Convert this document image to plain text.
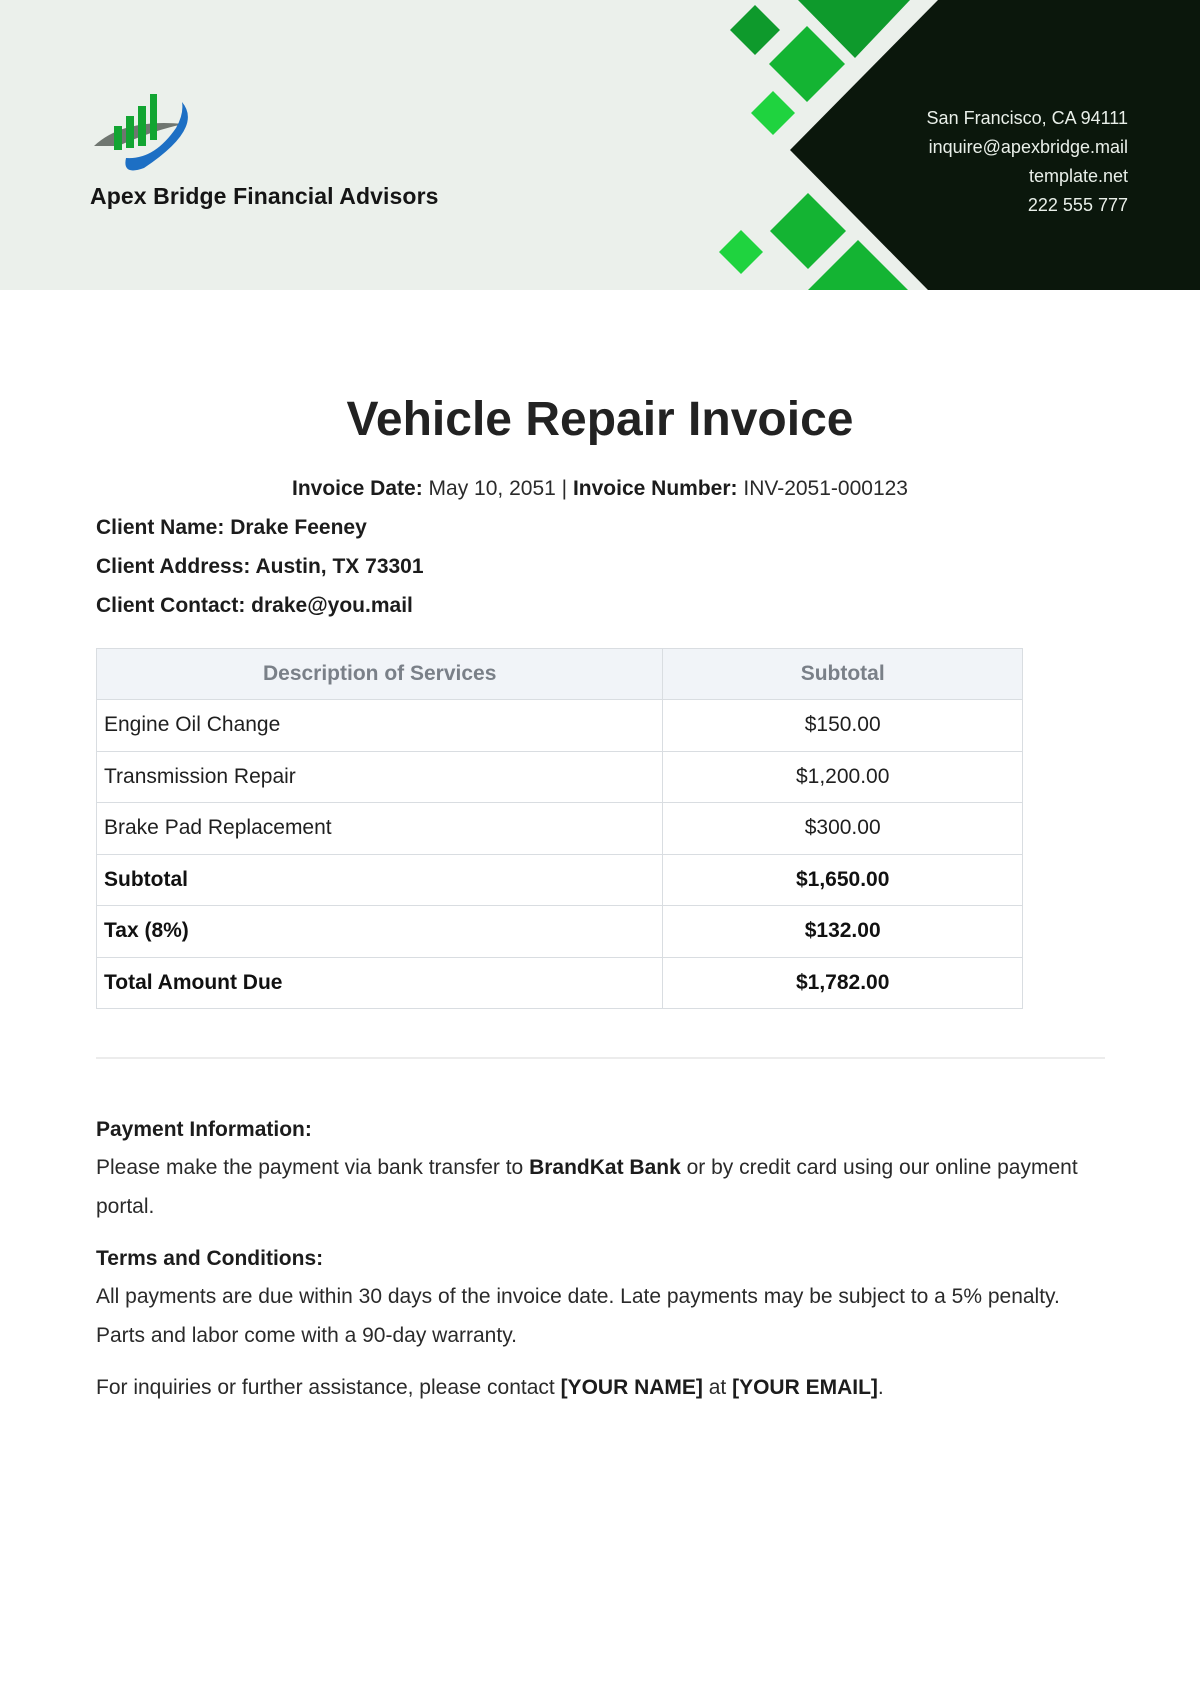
Apex Bridge Financial Advisors
San Francisco, CA 94111
inquire@apexbridge.mail
template.net
222 555 777
Vehicle Repair Invoice
Invoice Date: May 10, 2051 | Invoice Number: INV-2051-000123
Client Name: Drake Feeney
Client Address: Austin, TX 73301
Client Contact: drake@you.mail
Description of Services	Subtotal
Engine Oil Change	$150.00
Transmission Repair	$1,200.00
Brake Pad Replacement	$300.00
Subtotal	$1,650.00
Tax (8%)	$132.00
Total Amount Due	$1,782.00
Payment Information:
Please make the payment via bank transfer to BrandKat Bank or by credit card using our online payment portal.
Terms and Conditions:
All payments are due within 30 days of the invoice date. Late payments may be subject to a 5% penalty. Parts and labor come with a 90-day warranty.
For inquiries or further assistance, please contact [YOUR NAME] at [YOUR EMAIL].
